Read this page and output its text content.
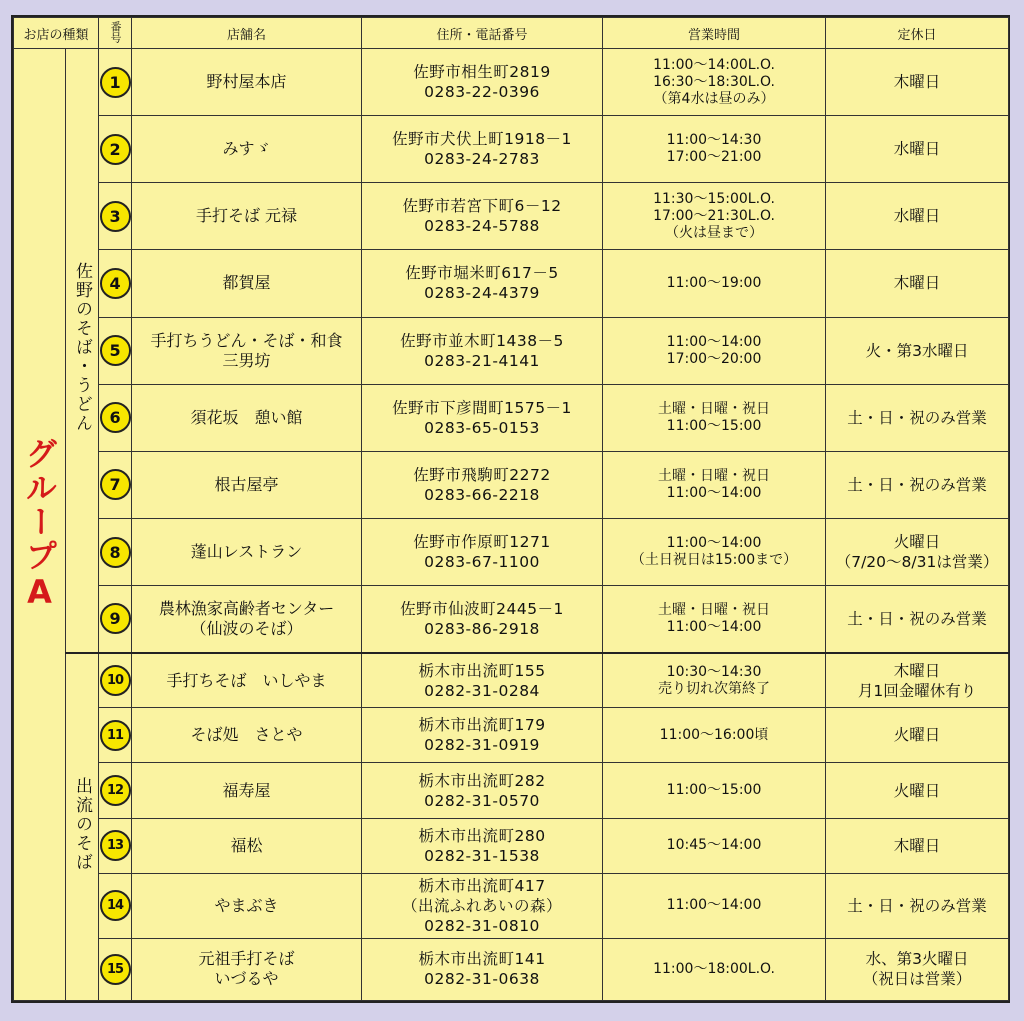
お店の種類		番号	店舗名	住所・電話番号	営業時間	定休日
グループA	佐野のそば・うどん	1	野村屋本店	佐野市相生町2819
0283-22-0396	11:00～14:00L.O.
16:30～18:30L.O.
（第4水は昼のみ）	木曜日

		2	みすゞ	佐野市犬伏上町1918－1
0283-24-2783	11:00～14:30
17:00～21:00	水曜日

		3	手打そば 元禄	佐野市若宮下町6－12
0283-24-5788	11:30～15:00L.O.
17:00～21:30L.O.
（火は昼まで）	水曜日

		4	都賀屋	佐野市堀米町617－5
0283-24-4379	11:00～19:00	木曜日

		5	手打ちうどん・そば・和食
三男坊	佐野市並木町1438－5
0283-21-4141	11:00～14:00
17:00～20:00	火・第3水曜日

		6	須花坂　憩い館	佐野市下彦間町1575－1
0283-65-0153	土曜・日曜・祝日
11:00～15:00	土・日・祝のみ営業

		7	根古屋亭	佐野市飛駒町2272
0283-66-2218	土曜・日曜・祝日
11:00～14:00	土・日・祝のみ営業

		8	蓬山レストラン	佐野市作原町1271
0283-67-1100	11:00～14:00
（土日祝日は15:00まで）	火曜日
（7/20～8/31は営業）

		9	農林漁家高齢者センター
（仙波のそば）	佐野市仙波町2445－1
0283-86-2918	土曜・日曜・祝日
11:00～14:00	土・日・祝のみ営業

	出流のそば	10	手打ちそば　いしやま	栃木市出流町155
0282-31-0284	10:30～14:30
売り切れ次第終了	木曜日
月1回金曜休有り

		11	そば処　さとや	栃木市出流町179
0282-31-0919	11:00～16:00頃	火曜日

		12	福寿屋	栃木市出流町282
0282-31-0570	11:00～15:00	火曜日

		13	福松	栃木市出流町280
0282-31-1538	10:45～14:00	木曜日

		14	やまぶき	栃木市出流町417
（出流ふれあいの森）
0282-31-0810	11:00～14:00	土・日・祝のみ営業

		15	元祖手打そば
いづるや	栃木市出流町141
0282-31-0638	11:00～18:00L.O.	水、第3火曜日
（祝日は営業）
